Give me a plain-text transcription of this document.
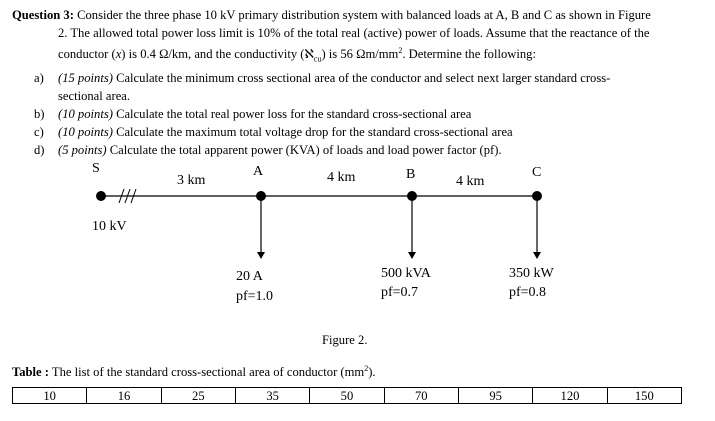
Question 3: Consider the three phase 10 kV primary distribution system with balanced loads at A, B and C as shown in Figure

2. The allowed total power loss limit is 10% of the total real (active) power of loads. Assume that the reactance of the

conductor (x) is 0.4 Ω/km, and the conductivity (ℵ$_{cu}$) is 56 $\Omega m/mm^2$. Determine the following:

a) (15 points) Calculate the minimum cross sectional area of the conductor and select next larger standard cross-

sectional area.

b) (10 points) Calculate the total real power loss for the standard cross-sectional area

c) (10 points) Calculate the maximum total voltage drop for the standard cross-sectional area

d) (5 points) Calculate the total apparent power (KVA) of loads and load power factor (pf).

S
10 kV
3 km	4 km	4 km
A	B	C
20 A
pf=1.0
500 kVA
pf=0.7
350 kW
pf=0.8
Figure 2.
Table : The list of the standard cross-sectional area of conductor $(mm^2)$.
10	16	25	35	50	70	95	120	150
